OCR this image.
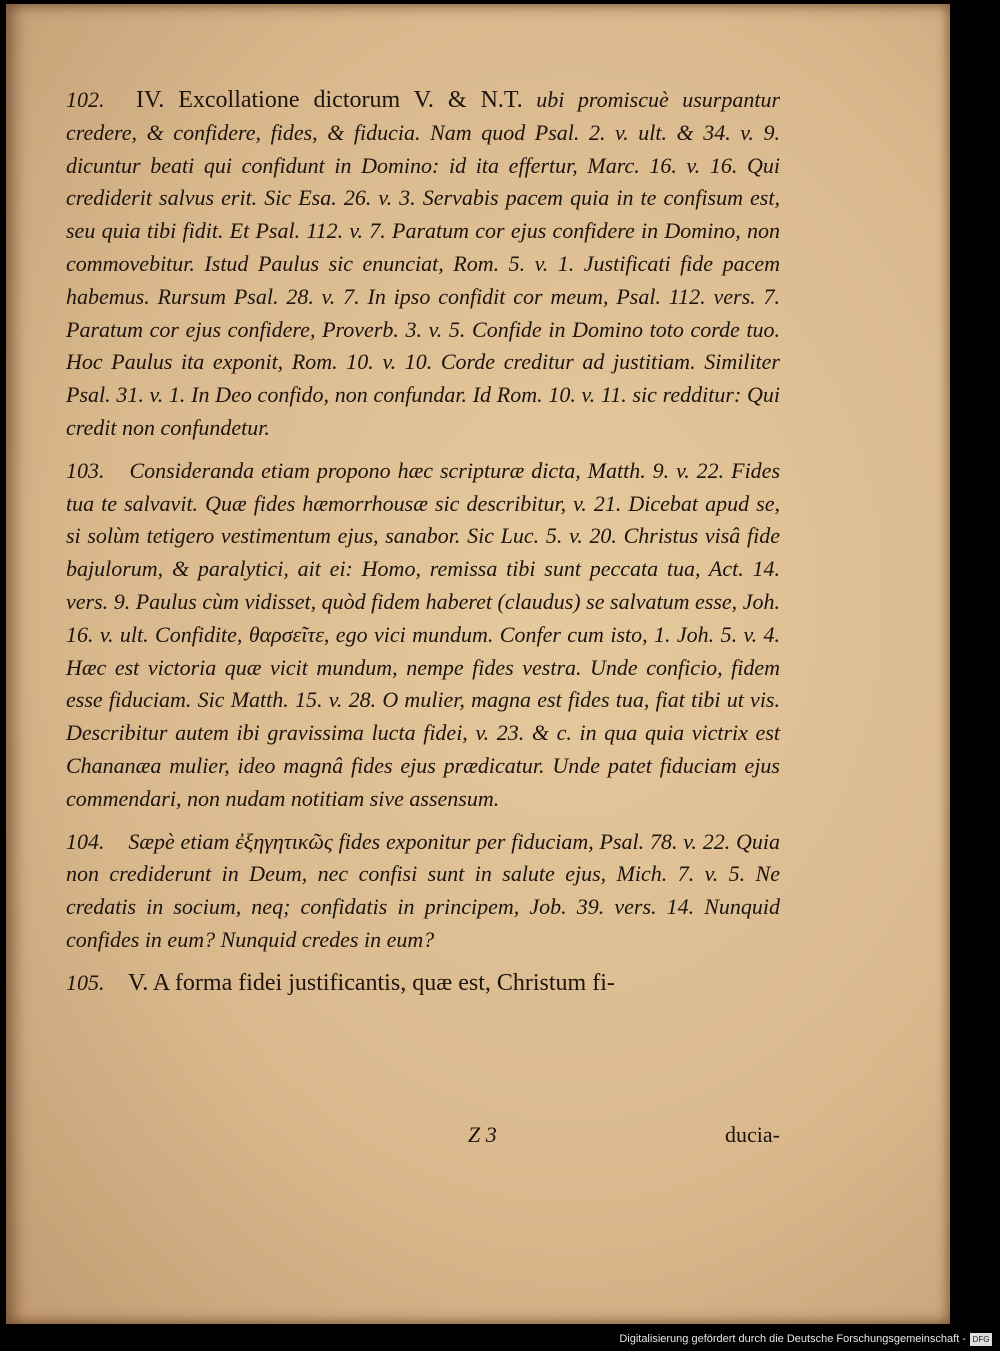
102. IV. Excollatione dictorum V. & N.T. ubi promiscuè usurpantur credere, & confidere, fides, & fiducia. Nam quod Psal. 2. v. ult. & 34. v. 9. dicuntur beati qui confidunt in Domino: id ita effertur, Marc. 16. v. 16. Qui crediderit salvus erit. Sic Esa. 26. v. 3. Servabis pacem quia in te confisum est, seu quia tibi fidit. Et Psal. 112. v. 7. Paratum cor ejus confidere in Domino, non commovebitur. Istud Paulus sic enunciat, Rom. 5. v. 1. Justificati fide pacem habemus. Rursum Psal. 28. v. 7. In ipso confidit cor meum, Psal. 112. vers. 7. Paratum cor ejus confidere, Proverb. 3. v. 5. Confide in Domino toto corde tuo. Hoc Paulus ita exponit, Rom. 10. v. 10. Corde creditur ad justitiam. Similiter Psal. 31. v. 1. In Deo confido, non confundar. Id Rom. 10. v. 11. sic redditur: Qui credit non confundetur.

103. Consideranda etiam propono hæc scripturæ dicta, Matth. 9. v. 22. Fides tua te salvavit. Quæ fides hæmorrhousæ sic describitur, v. 21. Dicebat apud se, si solùm tetigero vestimentum ejus, sanabor. Sic Luc. 5. v. 20. Christus visâ fide bajulorum, & paralytici, ait ei: Homo, remissa tibi sunt peccata tua, Act. 14. vers. 9. Paulus cùm vidisset, quòd fidem haberet (claudus) se salvatum esse, Joh. 16. v. ult. Confidite, θαρσεῖτε, ego vici mundum. Confer cum isto, 1. Joh. 5. v. 4. Hæc est victoria quæ vicit mundum, nempe fides vestra. Unde conficio, fidem esse fiduciam. Sic Matth. 15. v. 28. O mulier, magna est fides tua, fiat tibi ut vis. Describitur autem ibi gravissima lucta fidei, v. 23. & c. in qua quia victrix est Chananæa mulier, ideo magnâ fides ejus prædicatur. Unde patet fiduciam ejus commendari, non nudam notitiam sive assensum.

104. Sæpè etiam ἐξηγητικῶς fides exponitur per fiduciam, Psal. 78. v. 22. Quia non crediderunt in Deum, nec confisi sunt in salute ejus, Mich. 7. v. 5. Ne credatis in socium, neq; confidatis in principem, Job. 39. vers. 14. Nunquid confides in eum? Nunquid credes in eum?

105. V. A forma fidei justificantis, quæ est, Christum fi-

Z 3	ducia-
Digitalisierung gefördert durch die Deutsche Forschungsgemeinschaft - DFG
